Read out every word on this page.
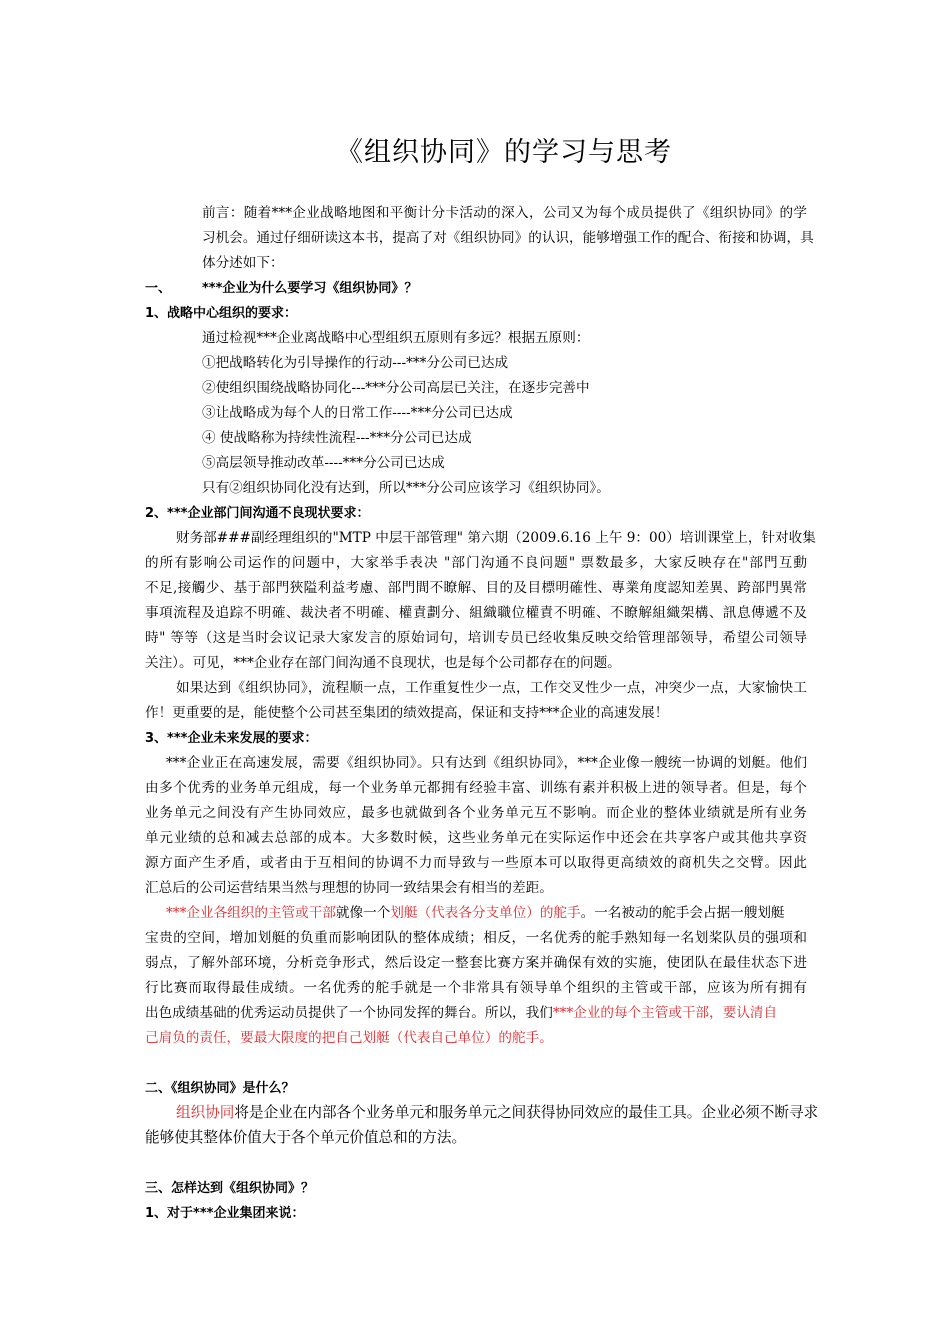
《组织协同》的学习与思考
前言：随着***企业战略地图和平衡计分卡活动的深入，公司又为每个成员提供了《组织协同》的学
习机会。通过仔细研读这本书，提高了对《组织协同》的认识，能够增强工作的配合、衔接和协调，具
体分述如下：
一、 ***企业为什么要学习《组织协同》？
1、战略中心组织的要求：
通过检视***企业离战略中心型组织五原则有多远？根据五原则：
①把战略转化为引导操作的行动---***分公司已达成
②使组织围绕战略协同化---***分公司高层已关注，在逐步完善中
③让战略成为每个人的日常工作----***分公司已达成
④ 使战略称为持续性流程---***分公司已达成
⑤高层领导推动改革----***分公司已达成
只有②组织协同化没有达到，所以***分公司应该学习《组织协同》。
2、***企业部门间沟通不良现状要求：
财务部###副经理组织的"MTP 中层干部管理" 第六期（2009.6.16 上午 9：00）培训课堂上，针对收集
的所有影响公司运作的问题中，大家举手表决 "部门沟通不良问题" 票数最多，大家反映存在"部門互動
不足,接觸少、基于部門狹隘利益考慮、部門間不瞭解、目的及目標明確性、專業角度認知差異、跨部門異常
事項流程及追踪不明確、裁決者不明確、權責劃分、組織職位權責不明確、不瞭解組織架構、訊息傳遞不及
時" 等等（这是当时会议记录大家发言的原始词句，培训专员已经收集反映交给管理部领导，希望公司领导
关注）。可见，***企业存在部门间沟通不良现状，也是每个公司都存在的问题。
如果达到《组织协同》，流程顺一点，工作重复性少一点，工作交叉性少一点，冲突少一点，大家愉快工
作！更重要的是，能使整个公司甚至集团的绩效提高，保证和支持***企业的高速发展！
3、***企业未来发展的要求：
***企业正在高速发展，需要《组织协同》。只有达到《组织协同》，***企业像一艘统一协调的划艇。他们
由多个优秀的业务单元组成，每一个业务单元都拥有经验丰富、训练有素并积极上进的领导者。但是，每个
业务单元之间没有产生协同效应，最多也就做到各个业务单元互不影响。而企业的整体业绩就是所有业务
单元业绩的总和减去总部的成本。大多数时候，这些业务单元在实际运作中还会在共享客户或其他共享资
源方面产生矛盾，或者由于互相间的协调不力而导致与一些原本可以取得更高绩效的商机失之交臂。因此
汇总后的公司运营结果当然与理想的协同一致结果会有相当的差距。
***企业各组织的主管或干部就像一个划艇（代表各分支单位）的舵手。一名被动的舵手会占据一艘划艇
宝贵的空间，增加划艇的负重而影响团队的整体成绩；相反，一名优秀的舵手熟知每一名划桨队员的强项和
弱点，了解外部环境，分析竞争形式，然后设定一整套比赛方案并确保有效的实施，使团队在最佳状态下进
行比赛而取得最佳成绩。一名优秀的舵手就是一个非常具有领导单个组织的主管或干部，应该为所有拥有
出色成绩基础的优秀运动员提供了一个协同发挥的舞台。所以，我们***企业的每个主管或干部，要认清自
己肩负的责任，要最大限度的把自己划艇（代表自己单位）的舵手。
二、《组织协同》是什么？
组织协同将是企业在内部各个业务单元和服务单元之间获得协同效应的最佳工具。企业必须不断寻求
能够使其整体价值大于各个单元价值总和的方法。
三、怎样达到《组织协同》？
1、对于***企业集团来说：
